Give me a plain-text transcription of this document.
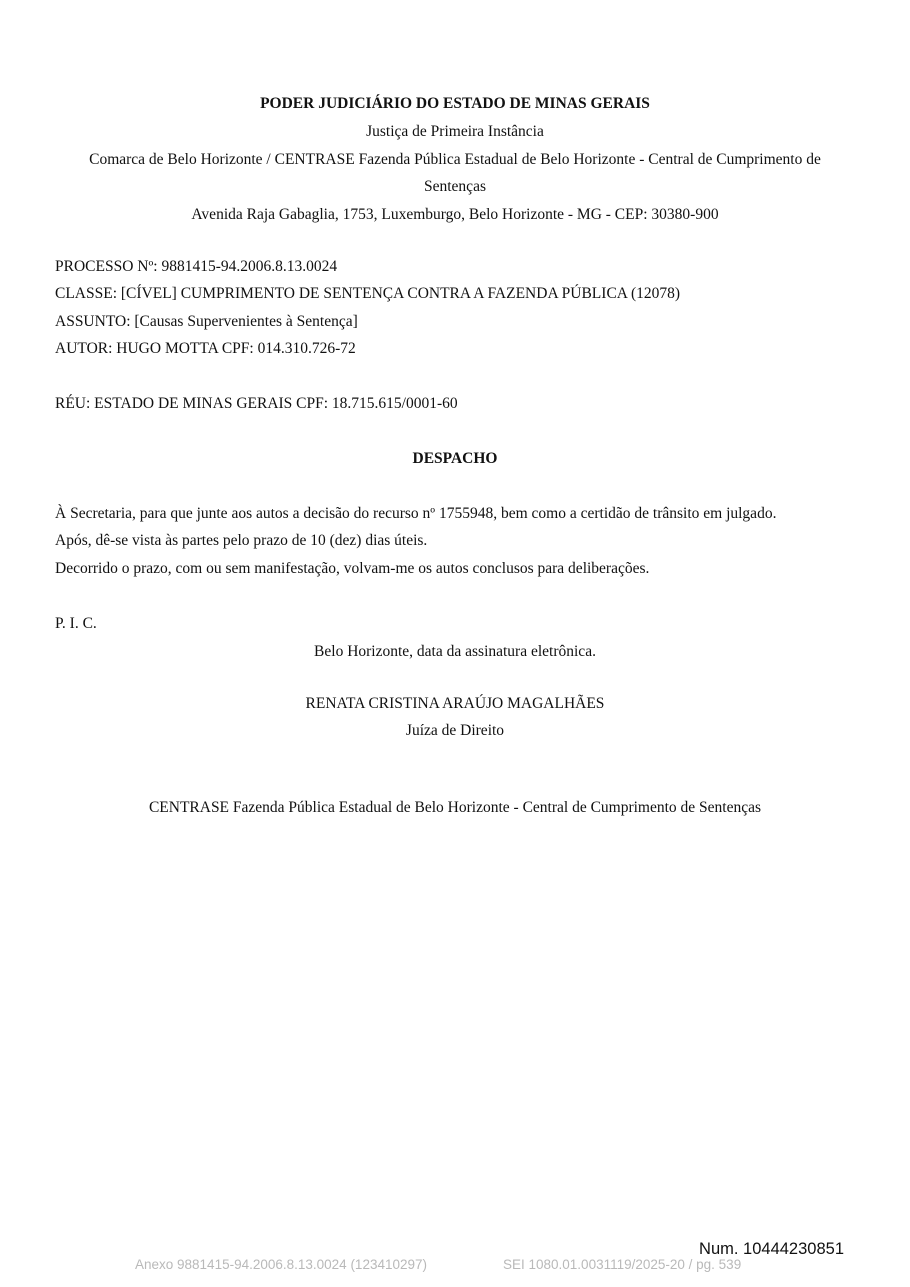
PODER JUDICIÁRIO DO ESTADO DE MINAS GERAIS
Justiça de Primeira Instância
Comarca de Belo Horizonte / CENTRASE Fazenda Pública Estadual de Belo Horizonte - Central de Cumprimento de
Sentenças
Avenida Raja Gabaglia, 1753, Luxemburgo, Belo Horizonte - MG - CEP: 30380-900
PROCESSO Nº: 9881415-94.2006.8.13.0024
CLASSE: [CÍVEL] CUMPRIMENTO DE SENTENÇA CONTRA A FAZENDA PÚBLICA (12078)
ASSUNTO: [Causas Supervenientes à Sentença]
AUTOR: HUGO MOTTA CPF: 014.310.726-72
RÉU: ESTADO DE MINAS GERAIS CPF: 18.715.615/0001-60
DESPACHO
À Secretaria, para que junte aos autos a decisão do recurso nº 1755948, bem como a certidão de trânsito em julgado.
Após, dê-se vista às partes pelo prazo de 10 (dez) dias úteis.
Decorrido o prazo, com ou sem manifestação, volvam-me os autos conclusos para deliberações.
P. I. C.
Belo Horizonte, data da assinatura eletrônica.
RENATA CRISTINA ARAÚJO MAGALHÃES
Juíza de Direito
CENTRASE Fazenda Pública Estadual de Belo Horizonte - Central de Cumprimento de Sentenças
Num. 10444230851
Anexo 9881415-94.2006.8.13.0024 (123410297)	SEI 1080.01.0031119/2025-20 / pg. 539
